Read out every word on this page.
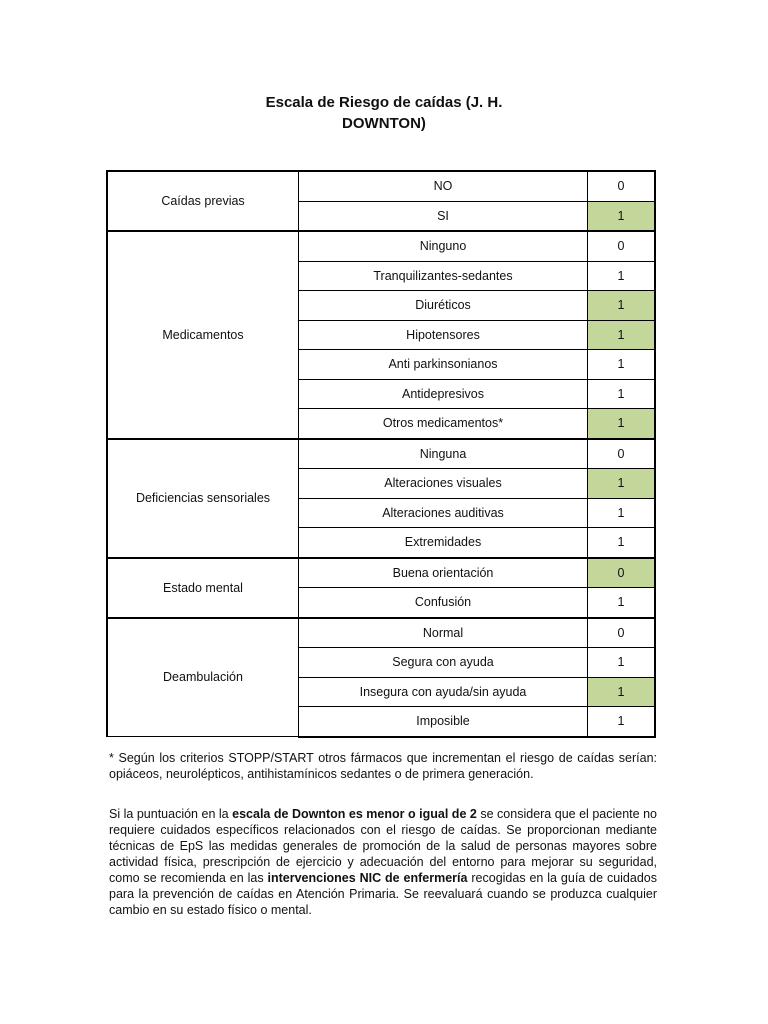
Escala de Riesgo de caídas (J. H.
DOWNTON)
Caídas previas	NO	0
	SI	1
Medicamentos	Ninguno	0
	Tranquilizantes-sedantes	1
	Diuréticos	1
	Hipotensores	1
	Anti parkinsonianos	1
	Antidepresivos	1
	Otros medicamentos*	1
Deficiencias sensoriales	Ninguna	0
	Alteraciones visuales	1
	Alteraciones auditivas	1
	Extremidades	1
Estado mental	Buena orientación	0
	Confusión	1
Deambulación	Normal	0
	Segura con ayuda	1
	Insegura con ayuda/sin ayuda	1
	Imposible	1
* Según los criterios STOPP/START otros fármacos que incrementan el riesgo de caídas serían: opiáceos, neurolépticos, antihistamínicos sedantes o de primera generación.
Si la puntuación en la escala de Downton es menor o igual de 2 se considera que el paciente no requiere cuidados específicos relacionados con el riesgo de caídas. Se proporcionan mediante técnicas de EpS las medidas generales de promoción de la salud de personas mayores sobre actividad física, prescripción de ejercicio y adecuación del entorno para mejorar su seguridad, como se recomienda en las intervenciones NIC de enfermería recogidas en la guía de cuidados para la prevención de caídas en Atención Primaria. Se reevaluará cuando se produzca cualquier cambio en su estado físico o mental.
